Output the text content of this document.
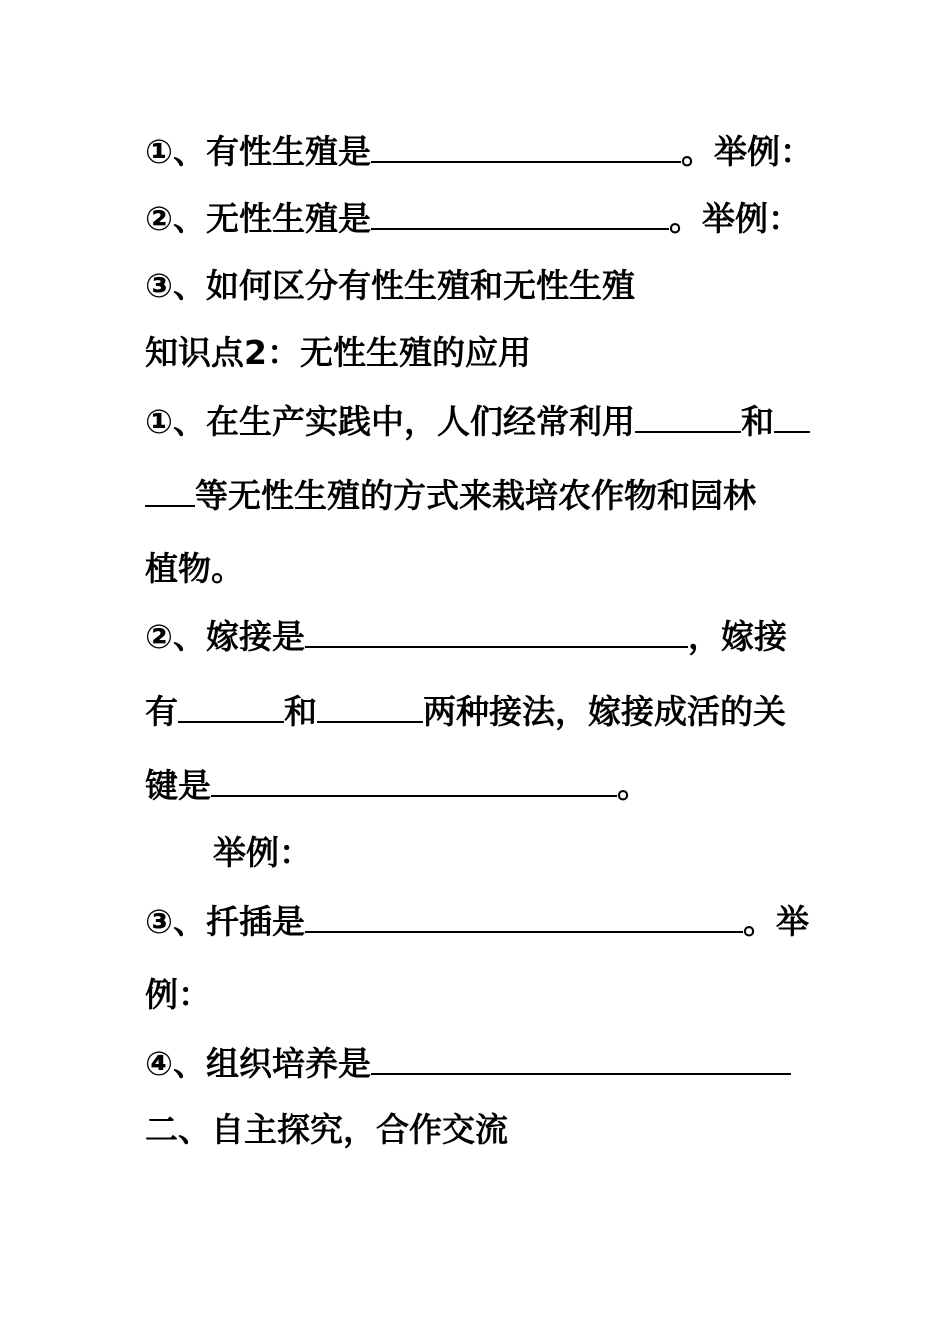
①、有性生殖是	。举例：
②、无性生殖是	。举例：
③、如何区分有性生殖和无性生殖
知识点2：无性生殖的应用
①、在生产实践中，人们经常利用	和
等无性生殖的方式来栽培农作物和园林
植物。
②、嫁接是	，嫁接
有	和	两种接法，嫁接成活的关
键是	。
举例：
③、扦插是	。举
例：
④、组织培养是
二、自主探究，合作交流
